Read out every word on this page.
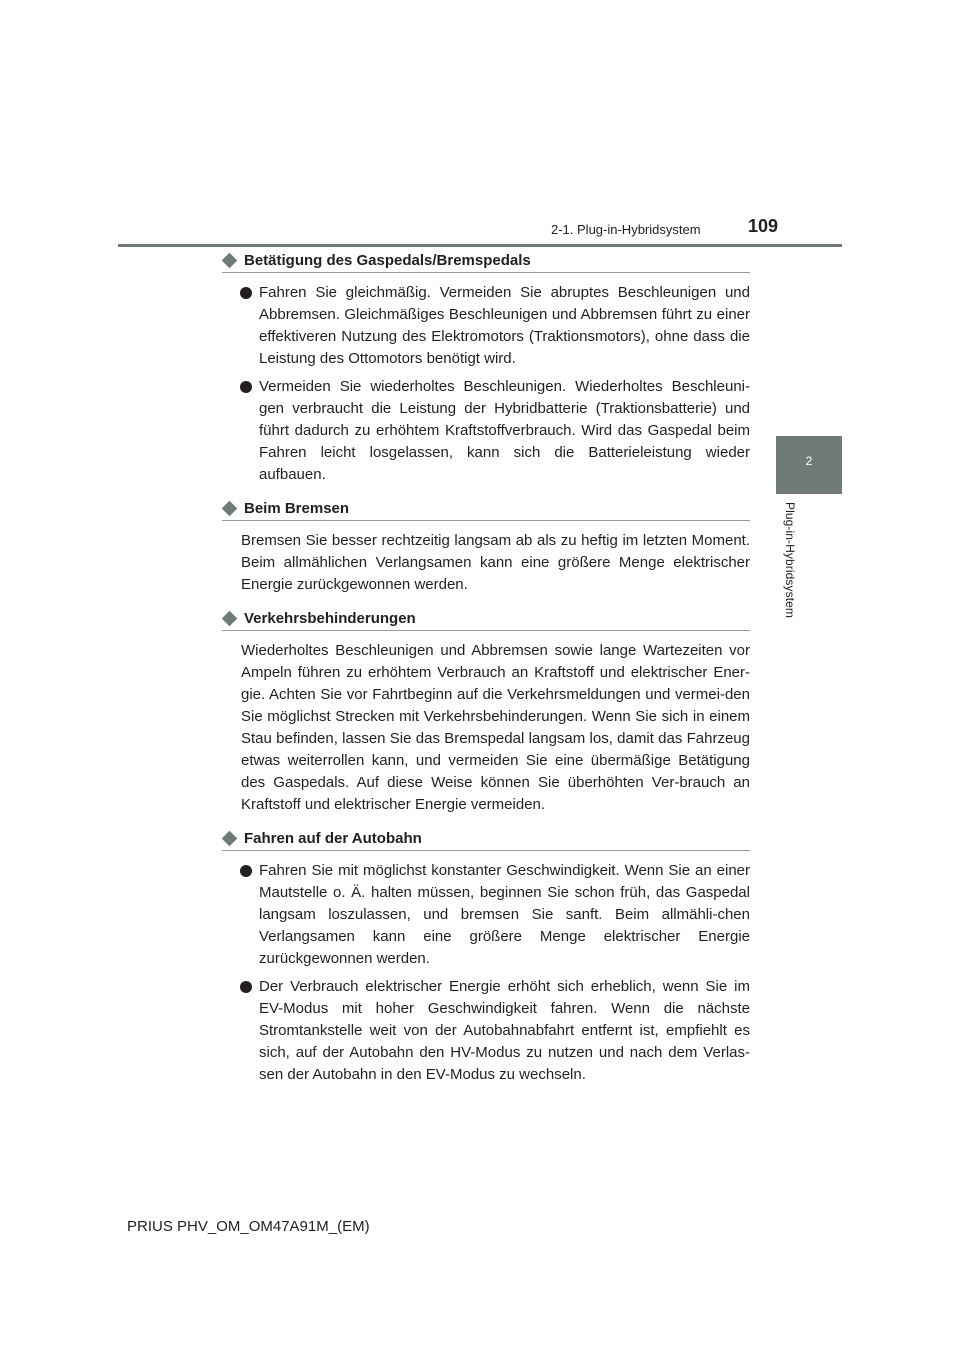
2-1. Plug-in-Hybridsystem	109
2
Plug-in-Hybridsystem
Betätigung des Gaspedals/Bremspedals
Fahren Sie gleichmäßig. Vermeiden Sie abruptes Beschleunigen und Abbremsen. Gleichmäßiges Beschleunigen und Abbremsen führt zu einer effektiveren Nutzung des Elektromotors (Traktionsmotors), ohne dass die Leistung des Ottomotors benötigt wird.
Vermeiden Sie wiederholtes Beschleunigen. Wiederholtes Beschleuni-gen verbraucht die Leistung der Hybridbatterie (Traktionsbatterie) und führt dadurch zu erhöhtem Kraftstoffverbrauch. Wird das Gaspedal beim Fahren leicht losgelassen, kann sich die Batterieleistung wieder aufbauen.
Beim Bremsen
Bremsen Sie besser rechtzeitig langsam ab als zu heftig im letzten Moment. Beim allmählichen Verlangsamen kann eine größere Menge elektrischer Energie zurückgewonnen werden.
Verkehrsbehinderungen
Wiederholtes Beschleunigen und Abbremsen sowie lange Wartezeiten vor Ampeln führen zu erhöhtem Verbrauch an Kraftstoff und elektrischer Ener-gie. Achten Sie vor Fahrtbeginn auf die Verkehrsmeldungen und vermei-den Sie möglichst Strecken mit Verkehrsbehinderungen. Wenn Sie sich in einem Stau befinden, lassen Sie das Bremspedal langsam los, damit das Fahrzeug etwas weiterrollen kann, und vermeiden Sie eine übermäßige Betätigung des Gaspedals. Auf diese Weise können Sie überhöhten Ver-brauch an Kraftstoff und elektrischer Energie vermeiden.
Fahren auf der Autobahn
Fahren Sie mit möglichst konstanter Geschwindigkeit. Wenn Sie an einer Mautstelle o. Ä. halten müssen, beginnen Sie schon früh, das Gaspedal langsam loszulassen, und bremsen Sie sanft. Beim allmähli-chen Verlangsamen kann eine größere Menge elektrischer Energie zurückgewonnen werden.
Der Verbrauch elektrischer Energie erhöht sich erheblich, wenn Sie im EV-Modus mit hoher Geschwindigkeit fahren. Wenn die nächste Stromtankstelle weit von der Autobahnabfahrt entfernt ist, empfiehlt es sich, auf der Autobahn den HV-Modus zu nutzen und nach dem Verlas-sen der Autobahn in den EV-Modus zu wechseln.
PRIUS PHV_OM_OM47A91M_(EM)
